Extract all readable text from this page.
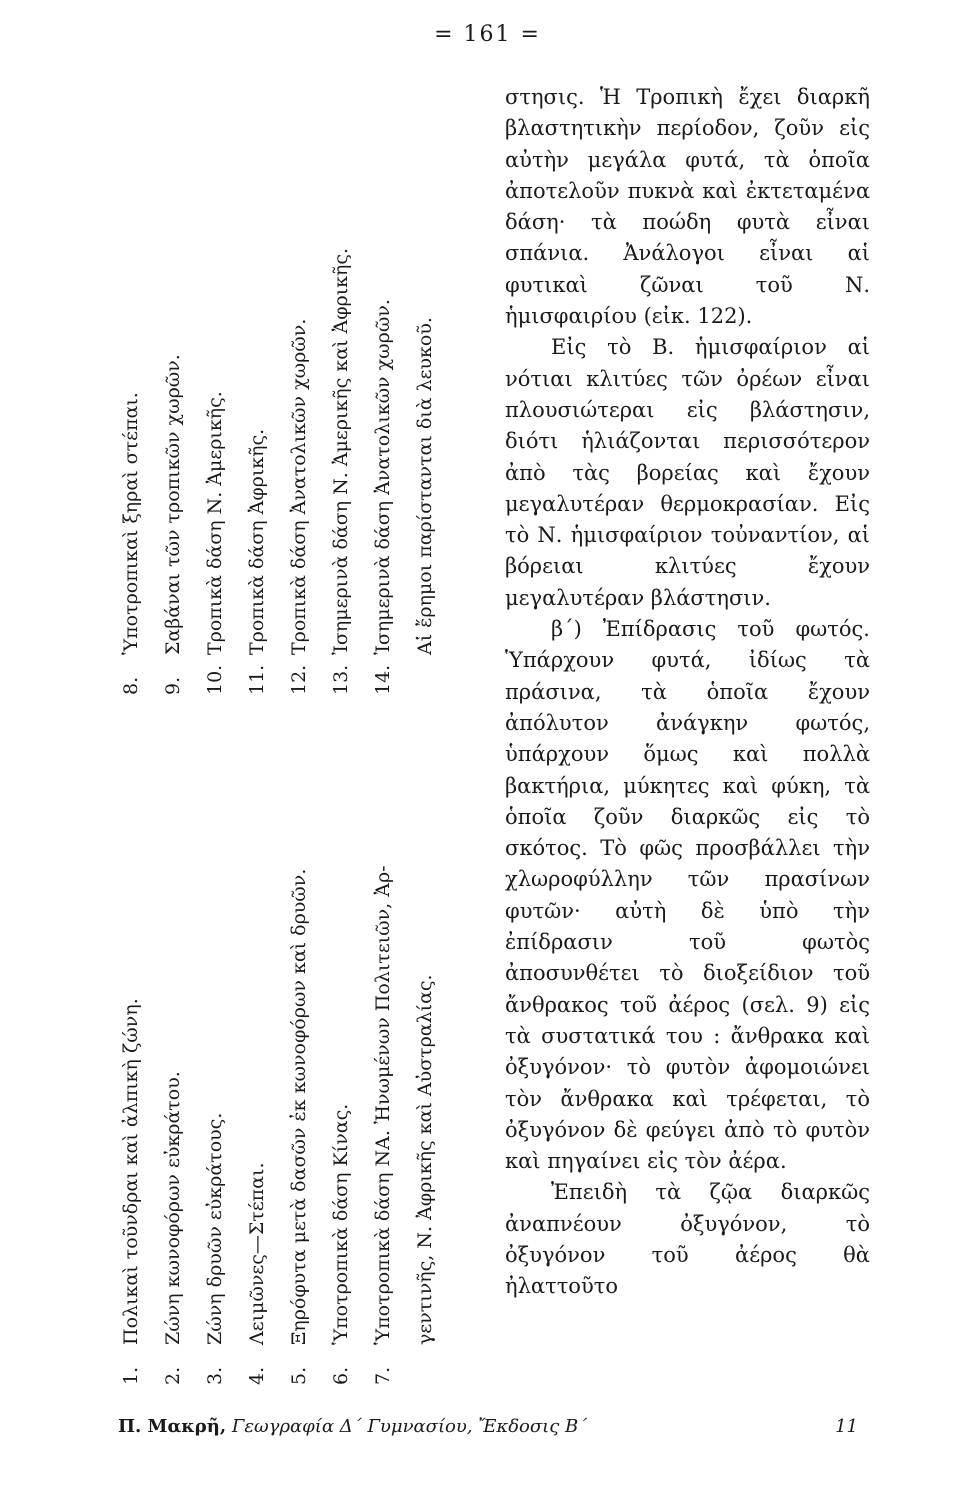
= 161 =
1.
Πολικαὶ τοῦνδραι καὶ ἀλπικὴ ζώνη.
2.
Ζώνη κωνοφόρων εὐκράτου.
3.
Ζώνη δρυῶν εὐκράτους.
4.
Λειμῶνες—Στέπαι.
5.
Ξηρόφυτα μετὰ δασῶν ἐκ κωνοφόρων καὶ δρυῶν.
6.
Ὑποτροπικὰ δάση Κίνας.
7.
Ὑποτροπικὰ δάση ΝΑ. Ἠνωμένων Πολιτειῶν, Ἀρ-	γεντινῆς, Ν. Ἀφρικῆς καὶ Αὐστραλίας.
8.
Ὑποτροπικαὶ ξηραὶ στέπαι.
9.
Σαβάναι τῶν τροπικῶν χωρῶν.
10.
Τροπικὰ δάση Ν. Ἀμερικῆς.
11.
Τροπικὰ δάση Ἀφρικῆς.
12.
Τροπικὰ δάση Ἀνατολικῶν χωρῶν.
13.
Ἰσημερινὰ δάση Ν. Ἀμερικῆς καὶ Ἀφρικῆς.
14.
Ἰσημερινὰ δάση Ἀνατολικῶν χωρῶν.	Αἱ ἔρημοι παρίστανται διὰ λευκοῦ.

στησις. Ἡ Τροπικὴ ἔχει διαρκῆ βλαστητικὴν περίοδον, ζοῦν εἰς αὐτὴν μεγάλα φυτά, τὰ ὁποῖα ἀποτελοῦν πυκνὰ καὶ ἐκτεταμένα δάση· τὰ ποώδη φυτὰ εἶναι σπάνια. Ἀνάλογοι εἶναι αἱ φυτικαὶ ζῶναι τοῦ Ν. ἡμισφαιρίου (εἰκ. 122).

Εἰς τὸ Β. ἡμισφαίριον αἱ νότιαι κλιτύες τῶν ὀρέων εἶναι πλουσιώτεραι εἰς βλάστησιν, διότι ἡλιάζονται περισσότερον ἀπὸ τὰς βορείας καὶ ἔχουν μεγαλυτέραν θερμοκρασίαν. Εἰς τὸ Ν. ἡμισφαίριον τοὐναντίον, αἱ βόρειαι κλιτύες ἔχουν μεγαλυτέραν βλάστησιν.

β΄) Ἐπίδρασις τοῦ φωτός. Ὑπάρχουν φυτά, ἰδίως τὰ πράσινα, τὰ ὁποῖα ἔχουν ἀπόλυτον ἀνάγκην φωτός, ὑπάρχουν ὅμως καὶ πολλὰ βακτήρια, μύκητες καὶ φύκη, τὰ ὁποῖα ζοῦν διαρκῶς εἰς τὸ σκότος. Τὸ φῶς προσβάλλει τὴν χλωροφύλλην τῶν πρασίνων φυτῶν· αὐτὴ δὲ ὑπὸ τὴν ἐπίδρασιν τοῦ φωτὸς ἀποσυνθέτει τὸ διοξείδιον τοῦ ἄνθρακος τοῦ ἀέρος (σελ. 9) εἰς τὰ συστατικά του : ἄνθρακα καὶ ὀξυγόνον· τὸ φυτὸν ἀφομοιώνει τὸν ἄνθρακα καὶ τρέφεται, τὸ ὀξυγόνον δὲ φεύγει ἀπὸ τὸ φυτὸν καὶ πηγαίνει εἰς τὸν ἀέρα.

Ἐπειδὴ τὰ ζῷα διαρκῶς ἀναπνέουν ὀξυγόνον, τὸ ὀξυγόνον τοῦ ἀέρος θὰ ἠλαττοῦτο

Π. Μακρῆ, Γεωγραφία Δ΄ Γυμνασίου, Ἔκδοσις Β΄	11
